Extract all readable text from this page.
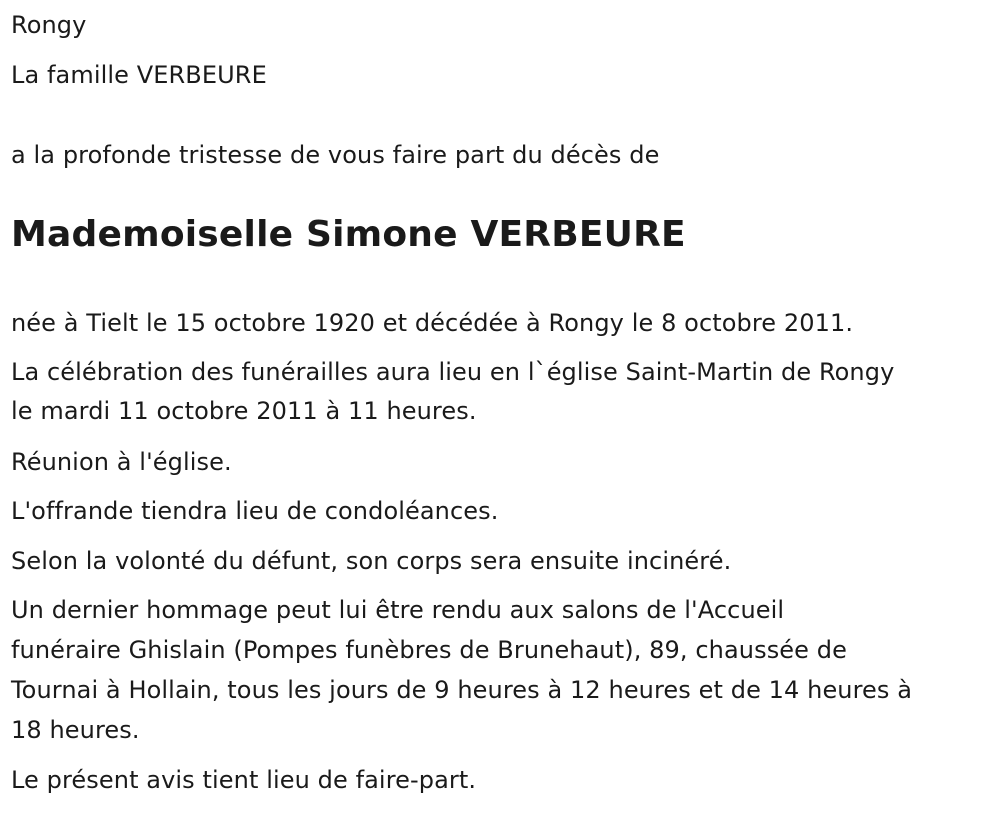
Rongy
La famille VERBEURE
a la profonde tristesse de vous faire part du décès de
Mademoiselle Simone VERBEURE
née à Tielt le 15 octobre 1920 et décédée à Rongy le 8 octobre 2011.
La célébration des funérailles aura lieu en l`église Saint-Martin de Rongy
le mardi 11 octobre 2011 à 11 heures.
Réunion à l'église.
L'offrande tiendra lieu de condoléances.
Selon la volonté du défunt, son corps sera ensuite incinéré.
Un dernier hommage peut lui être rendu aux salons de l'Accueil
funéraire Ghislain (Pompes funèbres de Brunehaut), 89, chaussée de
Tournai à Hollain, tous les jours de 9 heures à 12 heures et de 14 heures à
18 heures.
Le présent avis tient lieu de faire-part.
